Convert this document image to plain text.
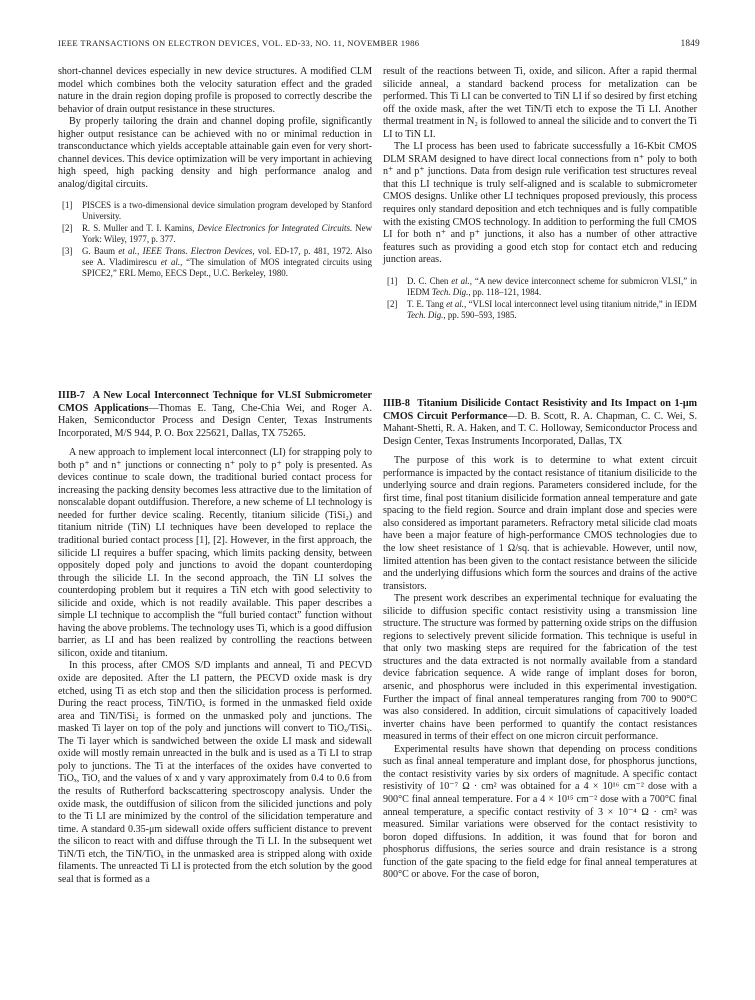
IEEE TRANSACTIONS ON ELECTRON DEVICES, VOL. ED-33, NO. 11, NOVEMBER 1986	1849

short-channel devices especially in new device structures. A modified CLM model which combines both the velocity saturation effect and the graded nature in the drain region doping profile is proposed to correctly describe the behavior of drain output resistance in these structures.

By properly tailoring the drain and channel doping profile, significantly higher output resistance can be achieved with no or minimal reduction in transconductance which yields acceptable attainable gain even for very short-channel devices. This device optimization will be very important in achieving high speed, high packing density and high performance analog and analog/digital circuits.

[1] PISCES is a two-dimensional device simulation program developed by Stanford University.
[2] R. S. Muller and T. I. Kamins, Device Electronics for Integrated Circuits. New York: Wiley, 1977, p. 377.
[3] G. Baum et al., IEEE Trans. Electron Devices, vol. ED-17, p. 481, 1972. Also see A. Vladimirescu et al., “The simulation of MOS integrated circuits using SPICE2,” ERL Memo, EECS Dept., U.C. Berkeley, 1980.
IIIB-7 A New Local Interconnect Technique for VLSI Submicrometer CMOS Applications—Thomas E. Tang, Che-Chia Wei, and Roger A. Haken, Semiconductor Process and Design Center, Texas Instruments Incorporated, M/S 944, P. O. Box 225621, Dallas, TX 75265.

A new approach to implement local interconnect (LI) for strapping poly to both p⁺ and n⁺ junctions or connecting n⁺ poly to p⁺ poly is presented. As devices continue to scale down, the traditional buried contact process for increasing the packing density becomes less attractive due to the limitation of nonscalable dopant outdiffusion. Therefore, a new scheme of LI technology is needed for further device scaling. Recently, titanium silicide (TiSi₂) and titanium nitride (TiN) LI techniques have been developed to replace the traditional buried contact process [1], [2]. However, in the first approach, the silicide LI requires a buffer spacing, which limits packing density, between oppositely doped poly and junctions to avoid the dopant counterdoping through the silicide LI. In the second approach, the TiN LI solves the counterdoping problem but it requires a TiN etch with good selectivity to silicide and oxide, which is not readily available. This paper describes a simple LI technique to accomplish the “full buried contact” function without having the above problems. The technology uses Ti, which is a good diffusion barrier, as LI and has been realized by controlling the reactions between silicon, oxide and titanium.

In this process, after CMOS S/D implants and anneal, Ti and PECVD oxide are deposited. After the LI pattern, the PECVD oxide mask is dry etched, using Ti as etch stop and then the silicidation process is performed. During the react process, TiN/TiOₓ is formed in the unmasked field oxide area and TiN/TiSi₂ is formed on the unmasked poly and junctions. The masked Ti layer on top of the poly and junctions will convert to TiOₓ/TiSiᵧ. The Ti layer which is sandwiched between the oxide LI mask and sidewall oxide will mostly remain unreacted in the bulk and is used as a Ti LI to strap poly to junctions. The Ti at the interfaces of the oxides have converted to TiOₓ, TiO, and the values of x and y vary approximately from 0.4 to 0.6 from the results of Rutherford backscattering spectroscopy analysis. Under the oxide mask, the outdiffusion of silicon from the silicided junctions and poly to the Ti LI are minimized by the control of the silicidation temperature and time. A standard 0.35-μm sidewall oxide offers sufficient distance to prevent the silicon to react with and diffuse through the Ti LI. In the subsequent wet TiN/Ti etch, the TiN/TiOₓ in the unmasked area is stripped along with oxide filaments. The unreacted Ti LI is protected from the etch solution by the good seal that is formed as a

result of the reactions between Ti, oxide, and silicon. After a rapid thermal silicide anneal, a standard backend process for metalization can be performed. This Ti LI can be converted to TiN LI if so desired by first etching off the oxide mask, after the wet TiN/Ti etch to expose the Ti LI. Another thermal treatment in N₂ is followed to anneal the silicide and to convert the Ti LI to TiN LI.

The LI process has been used to fabricate successfully a 16-Kbit CMOS DLM SRAM designed to have direct local connections from n⁺ poly to both n⁺ and p⁺ junctions. Data from design rule verification test structures reveal that this LI technique is truly self-aligned and is scalable to submicrometer CMOS designs. Unlike other LI techniques proposed previously, this process requires only standard deposition and etch techniques and is fully compatible with the existing CMOS technology. In addition to performing the full CMOS LI for both n⁺ and p⁺ junctions, it also has a number of other attractive features such as providing a good etch stop for contact etch and reducing junction areas.

[1] D. C. Chen et al., “A new device interconnect scheme for submicron VLSI,” in IEDM Tech. Dig., pp. 118–121, 1984.
[2] T. E. Tang et al., “VLSI local interconnect level using titanium nitride,” in IEDM Tech. Dig., pp. 590–593, 1985.
IIIB-8 Titanium Disilicide Contact Resistivity and Its Impact on 1-μm CMOS Circuit Performance—D. B. Scott, R. A. Chapman, C. C. Wei, S. Mahant-Shetti, R. A. Haken, and T. C. Holloway, Semiconductor Process and Design Center, Texas Instruments Incorporated, Dallas, TX

The purpose of this work is to determine to what extent circuit performance is impacted by the contact resistance of titanium disilicide to the underlying source and drain regions. Parameters considered include, for the first time, final post titanium disilicide formation anneal temperature and gate spacing to the field region. Source and drain implant dose and species were also considered as important parameters. Refractory metal silicide clad moats have been a major feature of high-performance CMOS technologies due to the low sheet resistance of 1 Ω/sq. that is achievable. However, until now, limited attention has been given to the contact resistance between the silicide and the underlying diffusions which form the sources and drains of the active transistors.

The present work describes an experimental technique for evaluating the silicide to diffusion specific contact resistivity using a transmission line structure. The structure was formed by patterning oxide strips on the diffusion regions to selectively prevent silicide formation. This technique is useful in that only two masking steps are required for the fabrication of the test structures and the data extracted is not normally available from a standard device fabrication sequence. A wide range of implant doses for boron, arsenic, and phosphorus were included in this experimental investigation. Further the impact of final anneal temperatures ranging from 700 to 900°C was also considered. In addition, circuit simulations of capacitively loaded inverter chains have been performed to quantify the contact resistances measured in terms of their effect on one micron circuit performance.

Experimental results have shown that depending on process conditions such as final anneal temperature and implant dose, for phosphorus junctions, the contact resistivity varies by six orders of magnitude. A specific contact resistivity of 10⁻⁷ Ω · cm² was obtained for a 4 × 10¹⁶ cm⁻² dose with a 900°C final anneal temperature. For a 4 × 10¹⁵ cm⁻² dose with a 700°C final anneal temperature, a specific contact restivity of 3 × 10⁻⁴ Ω · cm² was measured. Similar variations were observed for the contact resistivity to boron doped diffusions. In addition, it was found that for boron and phosphorus diffusions, the series source and drain resistance is a strong function of the gate spacing to the field edge for final anneal temperatures at 800°C or above. For the case of boron,
